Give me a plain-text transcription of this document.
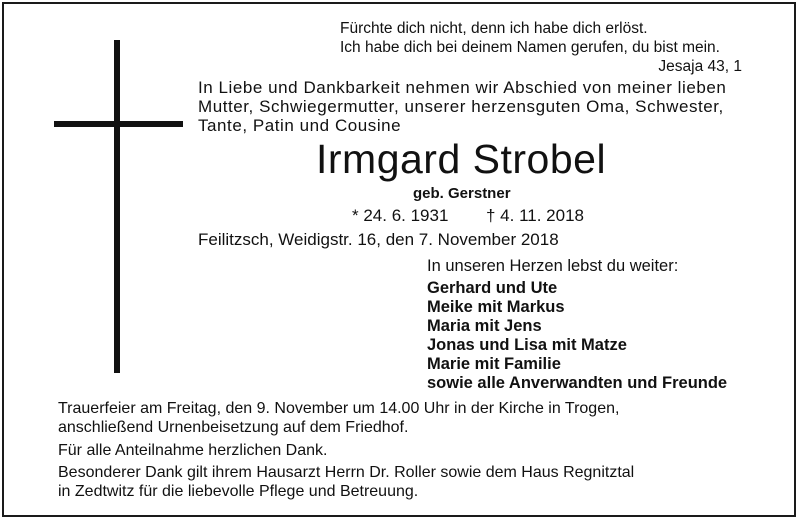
Fürchte dich nicht, denn ich habe dich erlöst.
Ich habe dich bei deinem Namen gerufen, du bist mein.
Jesaja 43, 1
In Liebe und Dankbarkeit nehmen wir Abschied von meiner lieben
Mutter, Schwiegermutter, unserer herzensguten Oma, Schwester,
Tante, Patin und Cousine
Irmgard Strobel
geb. Gerstner
* 24. 6. 1931 † 4. 11. 2018
Feilitzsch, Weidigstr. 16, den 7. November 2018
In unseren Herzen lebst du weiter:
Gerhard und Ute
Meike mit Markus
Maria mit Jens
Jonas und Lisa mit Matze
Marie mit Familie
sowie alle Anverwandten und Freunde
Trauerfeier am Freitag, den 9. November um 14.00 Uhr in der Kirche in Trogen,
anschließend Urnenbeisetzung auf dem Friedhof.
Für alle Anteilnahme herzlichen Dank.
Besonderer Dank gilt ihrem Hausarzt Herrn Dr. Roller sowie dem Haus Regnitztal
in Zedtwitz für die liebevolle Pflege und Betreuung.
